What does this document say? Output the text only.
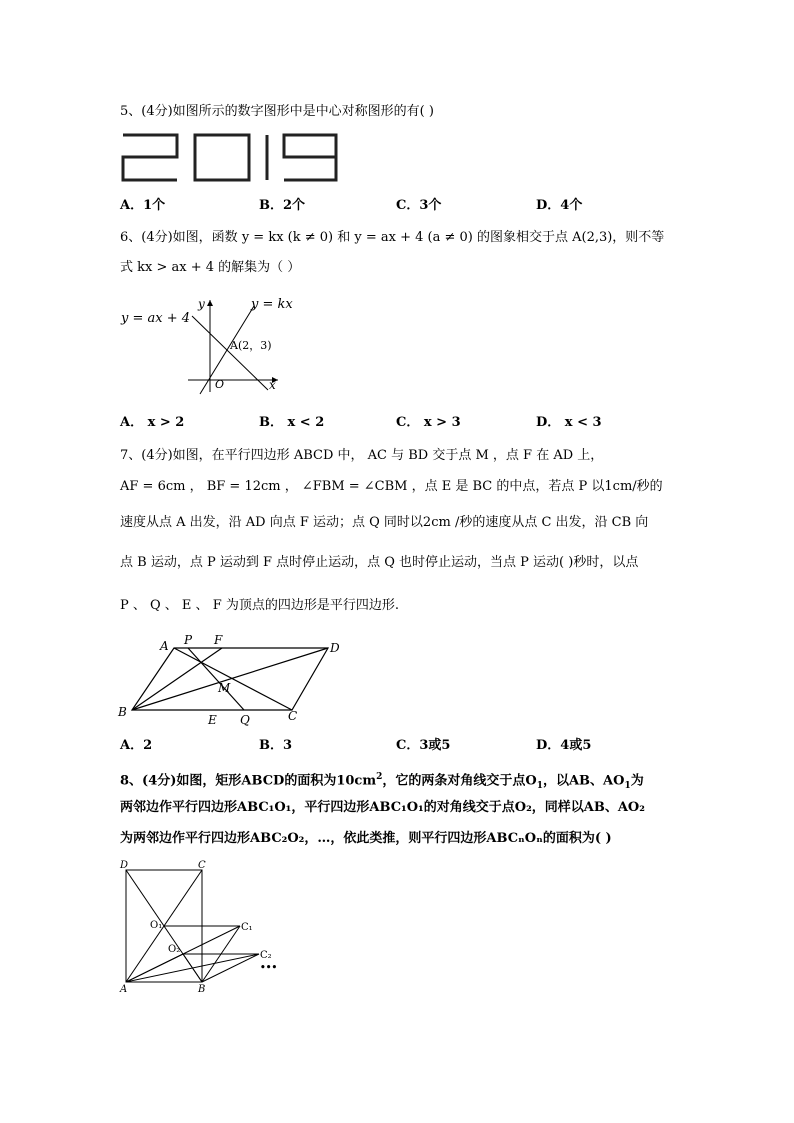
5、(4分)如图所示的数字图形中是中心对称图形的有( )
A．1个	B．2个	C．3个	D．4个
6、(4分)如图，函数 y = kx (k ≠ 0) 和 y = ax + 4 (a ≠ 0) 的图象相交于点 A(2,3)，则不等
式 kx > ax + 4 的解集为（ ）
y = ax + 4
y = kx
A(2，3)
O	x
y
A． x > 2	B． x < 2	C． x > 3	D． x < 3
7、(4分)如图，在平行四边形 ABCD 中， AC 与 BD 交于点 M ，点 F 在 AD 上，
AF = 6cm ， BF = 12cm ， ∠FBM = ∠CBM ，点 E 是 BC 的中点，若点 P 以1cm/秒的
速度从点 A 出发，沿 AD 向点 F 运动；点 Q 同时以2cm /秒的速度从点 C 出发，沿 CB 向
点 B 运动，点 P 运动到 F 点时停止运动，点 Q 也时停止运动，当点 P 运动( )秒时，以点
P 、 Q 、 E 、 F 为顶点的四边形是平行四边形.
A P F
D
M
B
E Q	C
A．2	B．3	C．3或5	D．4或5
8、(4分)如图，矩形ABCD的面积为$10cm^2$，它的两条对角线交于点$O_1$，以AB、$AO_1$为
两邻边作平行四边形ABC₁O₁，平行四边形ABC₁O₁的对角线交于点O₂，同样以AB、AO₂
为两邻边作平行四边形ABC₂O₂，…，依此类推，则平行四边形ABCₙOₙ的面积为( )
D	C
O₁	C₁
O₂
C₂
•••
A	B
